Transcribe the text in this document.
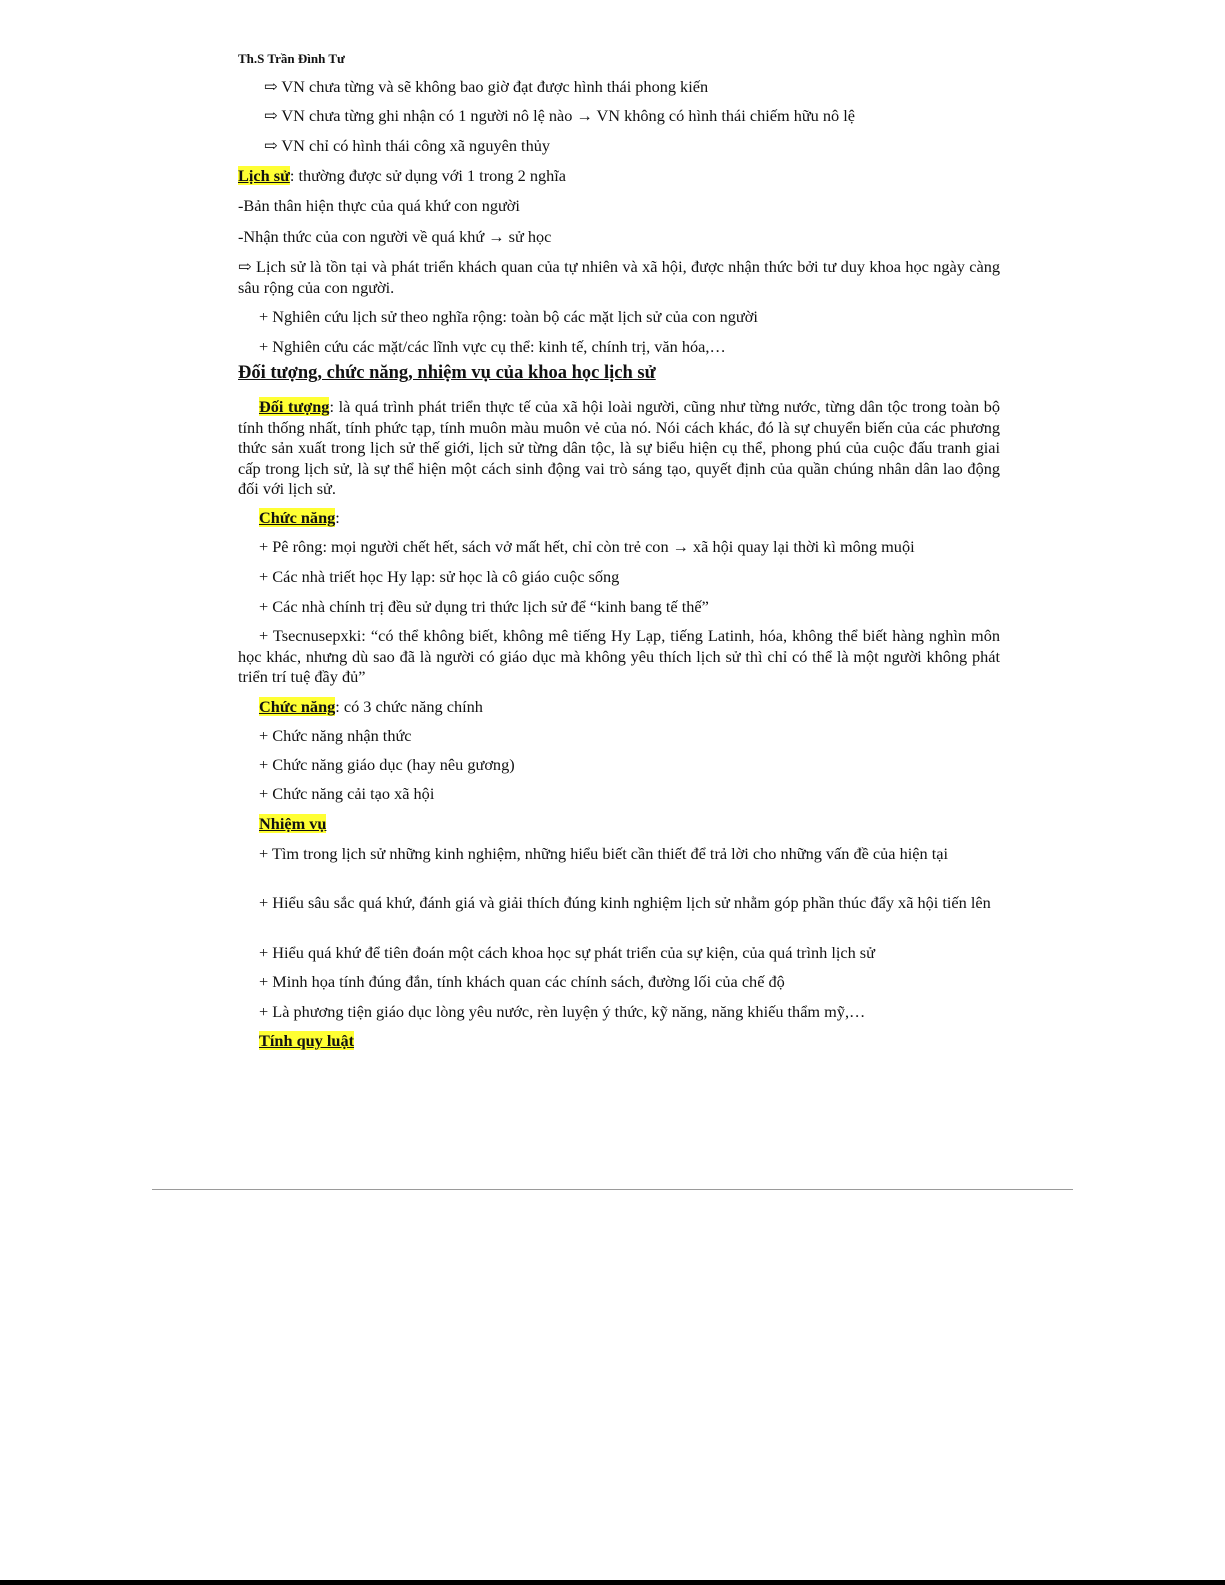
Th.S Trần Đình Tư
⇨ VN chưa từng và sẽ không bao giờ đạt được hình thái phong kiến
⇨ VN chưa từng ghi nhận có 1 người nô lệ nào → VN không có hình thái chiếm hữu nô lệ
⇨ VN chỉ có hình thái công xã nguyên thủy
Lịch sử: thường được sử dụng với 1 trong 2 nghĩa
-Bản thân hiện thực của quá khứ con người
-Nhận thức của con người về quá khứ → sử học
⇨ Lịch sử là tồn tại và phát triển khách quan của tự nhiên và xã hội, được nhận thức bởi tư duy khoa học ngày càng sâu rộng của con người.
+ Nghiên cứu lịch sử theo nghĩa rộng: toàn bộ các mặt lịch sử của con người
+ Nghiên cứu các mặt/các lĩnh vực cụ thể: kinh tế, chính trị, văn hóa,…
Đối tượng, chức năng, nhiệm vụ của khoa học lịch sử
Đối tượng: là quá trình phát triển thực tế của xã hội loài người, cũng như từng nước, từng dân tộc trong toàn bộ tính thống nhất, tính phức tạp, tính muôn màu muôn vẻ của nó. Nói cách khác, đó là sự chuyển biến của các phương thức sản xuất trong lịch sử thế giới, lịch sử từng dân tộc, là sự biểu hiện cụ thể, phong phú của cuộc đấu tranh giai cấp trong lịch sử, là sự thể hiện một cách sinh động vai trò sáng tạo, quyết định của quần chúng nhân dân lao động đối với lịch sử.
Chức năng:
+ Pê rông: mọi người chết hết, sách vở mất hết, chỉ còn trẻ con → xã hội quay lại thời kì mông muội
+ Các nhà triết học Hy lạp: sử học là cô giáo cuộc sống
+ Các nhà chính trị đều sử dụng tri thức lịch sử để “kinh bang tế thế”
+ Tsecnusepxki: “có thể không biết, không mê tiếng Hy Lạp, tiếng Latinh, hóa, không thể biết hàng nghìn môn học khác, nhưng dù sao đã là người có giáo dục mà không yêu thích lịch sử thì chỉ có thể là một người không phát triển trí tuệ đầy đủ”
Chức năng: có 3 chức năng chính
+ Chức năng nhận thức
+ Chức năng giáo dục (hay nêu gương)
+ Chức năng cải tạo xã hội
Nhiệm vụ
+ Tìm trong lịch sử những kinh nghiệm, những hiểu biết cần thiết để trả lời cho những vấn đề của hiện tại
+ Hiểu sâu sắc quá khứ, đánh giá và giải thích đúng kinh nghiệm lịch sử nhằm góp phần thúc đẩy xã hội tiến lên
+ Hiểu quá khứ để tiên đoán một cách khoa học sự phát triển của sự kiện, của quá trình lịch sử
+ Minh họa tính đúng đắn, tính khách quan các chính sách, đường lối của chế độ
+ Là phương tiện giáo dục lòng yêu nước, rèn luyện ý thức, kỹ năng, năng khiếu thẩm mỹ,…
Tính quy luật
